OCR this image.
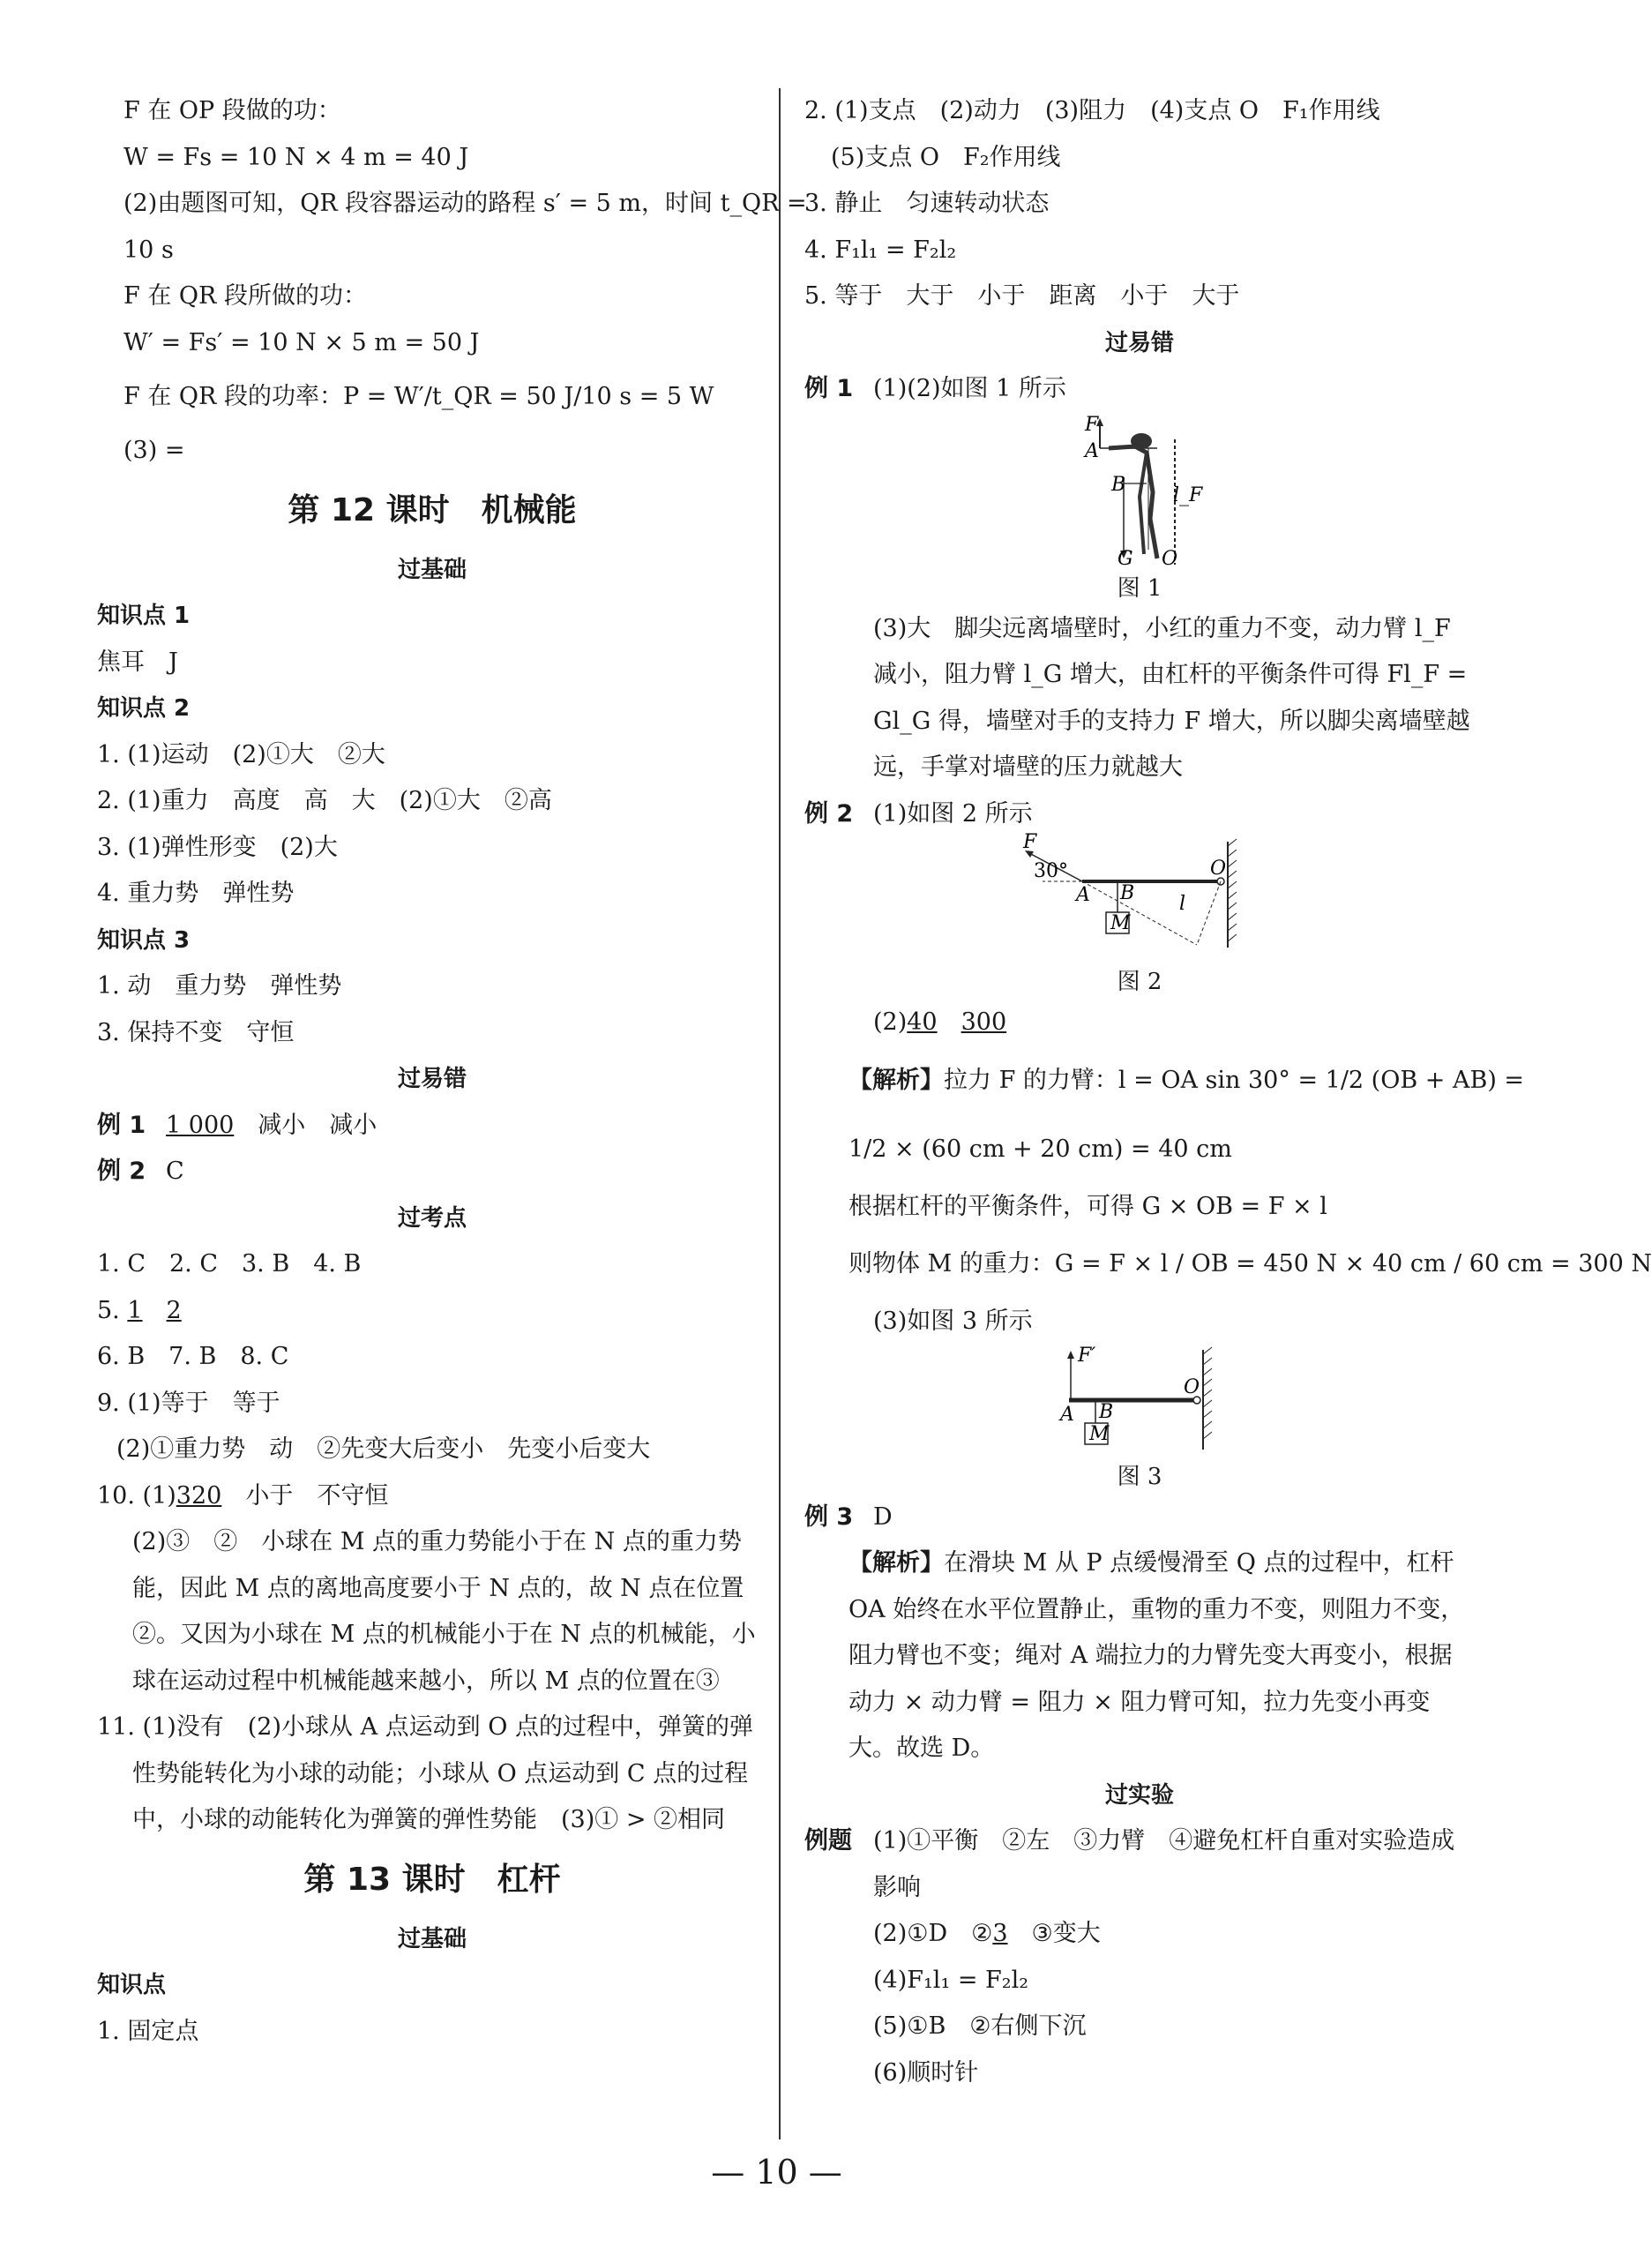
F 在 OP 段做的功：
W = Fs = 10 N × 4 m = 40 J
(2)由题图可知，QR 段容器运动的路程 s′ = 5 m，时间 t_QR =
10 s
F 在 QR 段所做的功：
W′ = Fs′ = 10 N × 5 m = 50 J
F 在 QR 段的功率：P = W′/t_QR = 50 J/10 s = 5 W
(3) =
第 12 课时　机械能
过基础
知识点 1
焦耳　J
知识点 2
1. (1)运动　(2)①大　②大
2. (1)重力　高度　高　大　(2)①大　②高
3. (1)弹性形变　(2)大
4. 重力势　弹性势
知识点 3
1. 动　重力势　弹性势
3. 保持不变　守恒
过易错
例 1 1 000　减小　减小
例 2 C
过考点
1. C　2. C　3. B　4. B
5. 1　 2
6. B　7. B　8. C
9. (1)等于　等于
(2)①重力势　动　②先变大后变小　先变小后变大
10. (1)320　小于　不守恒
(2)③　②　小球在 M 点的重力势能小于在 N 点的重力势能，因此 M 点的离地高度要小于 N 点的，故 N 点在位置②。又因为小球在 M 点的机械能小于在 N 点的机械能，小球在运动过程中机械能越来越小，所以 M 点的位置在③
11. (1)没有　(2)小球从 A 点运动到 O 点的过程中，弹簧的弹性势能转化为小球的动能；小球从 O 点运动到 C 点的过程中，小球的动能转化为弹簧的弹性势能　(3)① > ②相同
第 13 课时　杠杆
过基础
知识点
1. 固定点
2. (1)支点　(2)动力　(3)阻力　(4)支点 O　F₁作用线
(5)支点 O　F₂作用线
3. 静止　匀速转动状态
4. F₁l₁ = F₂l₂
5. 等于　大于　小于　距离　小于　大于
过易错
例 1 (1)(2)如图 1 所示
F
A
B l_F
G O
图 1
(3)大　脚尖远离墙壁时，小红的重力不变，动力臂 l_F 减小，阻力臂 l_G 增大，由杠杆的平衡条件可得 Fl_F = Gl_G 得，墙壁对手的支持力 F 增大，所以脚尖离墙壁越远，手掌对墙壁的压力就越大
例 2 (1)如图 2 所示
F
30°
A B
O
l
M
图 2
(2)40　 300
【解析】拉力 F 的力臂：l = OA sin 30° = 1/2 (OB + AB) =
1/2 × (60 cm + 20 cm) = 40 cm
根据杠杆的平衡条件，可得 G × OB = F × l
则物体 M 的重力：G = F × l / OB = 450 N × 40 cm / 60 cm = 300 N
(3)如图 3 所示
F′
A B
O
M
图 3
例 3 D
【解析】在滑块 M 从 P 点缓慢滑至 Q 点的过程中，杠杆 OA 始终在水平位置静止，重物的重力不变，则阻力不变，阻力臂也不变；绳对 A 端拉力的力臂先变大再变小，根据动力 × 动力臂 = 阻力 × 阻力臂可知，拉力先变小再变大。故选 D。
过实验
例题 (1)①平衡　②左　③力臂　④避免杠杆自重对实验造成影响
(2)①D　②3　③变大
(4)F₁l₁ = F₂l₂
(5)①B　②右侧下沉
(6)顺时针
— 10 —
